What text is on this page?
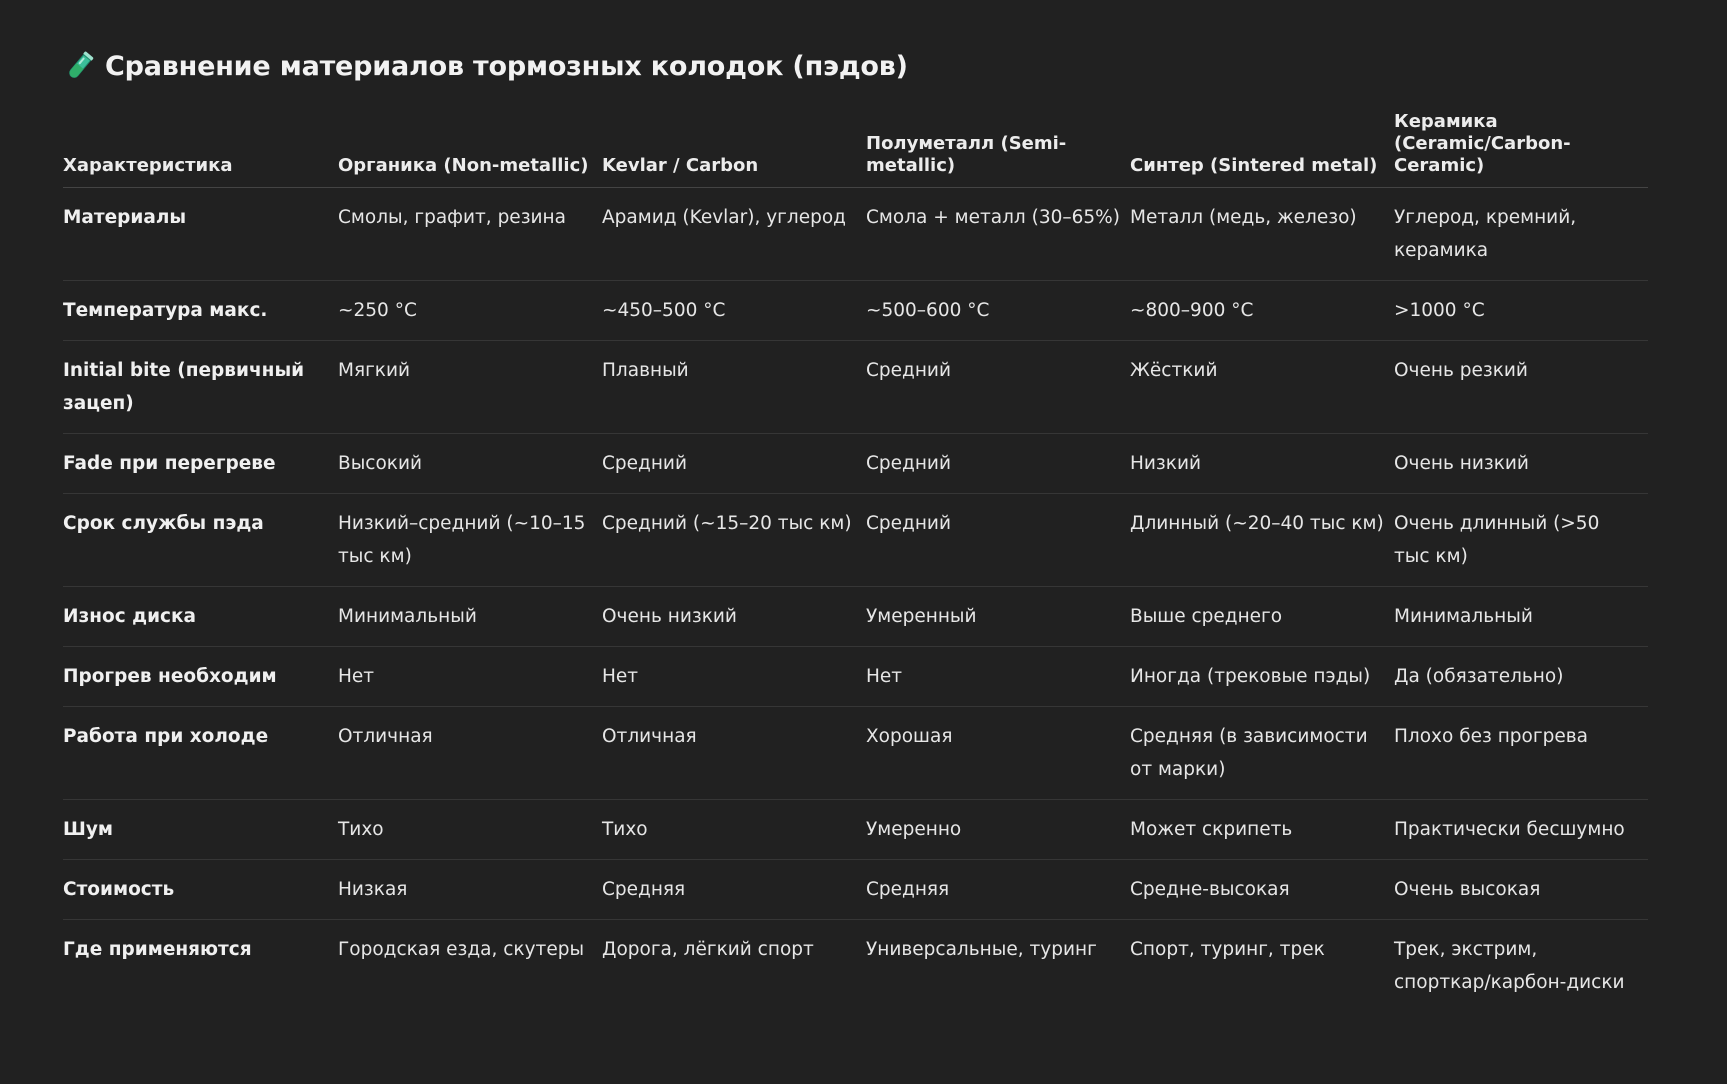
Сравнение материалов тормозных колодок (пэдов)
Характеристика	Органика (Non-metallic)	Kevlar / Carbon	Полуметалл (Semi-metallic)	Синтер (Sintered metal)	Керамика (Ceramic/Carbon-Ceramic)
Материалы	Смолы, графит, резина	Арамид (Kevlar), углерод	Смола + металл (30–65%)	Металл (медь, железо)	Углерод, кремний, керамика
Температура макс.	~250 °C	~450–500 °C	~500–600 °C	~800–900 °C	>1000 °C
Initial bite (первичный зацеп)	Мягкий	Плавный	Средний	Жёсткий	Очень резкий
Fade при перегреве	Высокий	Средний	Средний	Низкий	Очень низкий
Срок службы пэда	Низкий–средний (~10–15 тыс км)	Средний (~15–20 тыс км)	Средний	Длинный (~20–40 тыс км)	Очень длинный (>50 тыс км)
Износ диска	Минимальный	Очень низкий	Умеренный	Выше среднего	Минимальный
Прогрев необходим	Нет	Нет	Нет	Иногда (трековые пэды)	Да (обязательно)
Работа при холоде	Отличная	Отличная	Хорошая	Средняя (в зависимости от марки)	Плохо без прогрева
Шум	Тихо	Тихо	Умеренно	Может скрипеть	Практически бесшумно
Стоимость	Низкая	Средняя	Средняя	Средне-высокая	Очень высокая
Где применяются	Городская езда, скутеры	Дорога, лёгкий спорт	Универсальные, туринг	Спорт, туринг, трек	Трек, экстрим, спорткар/карбон-диски
